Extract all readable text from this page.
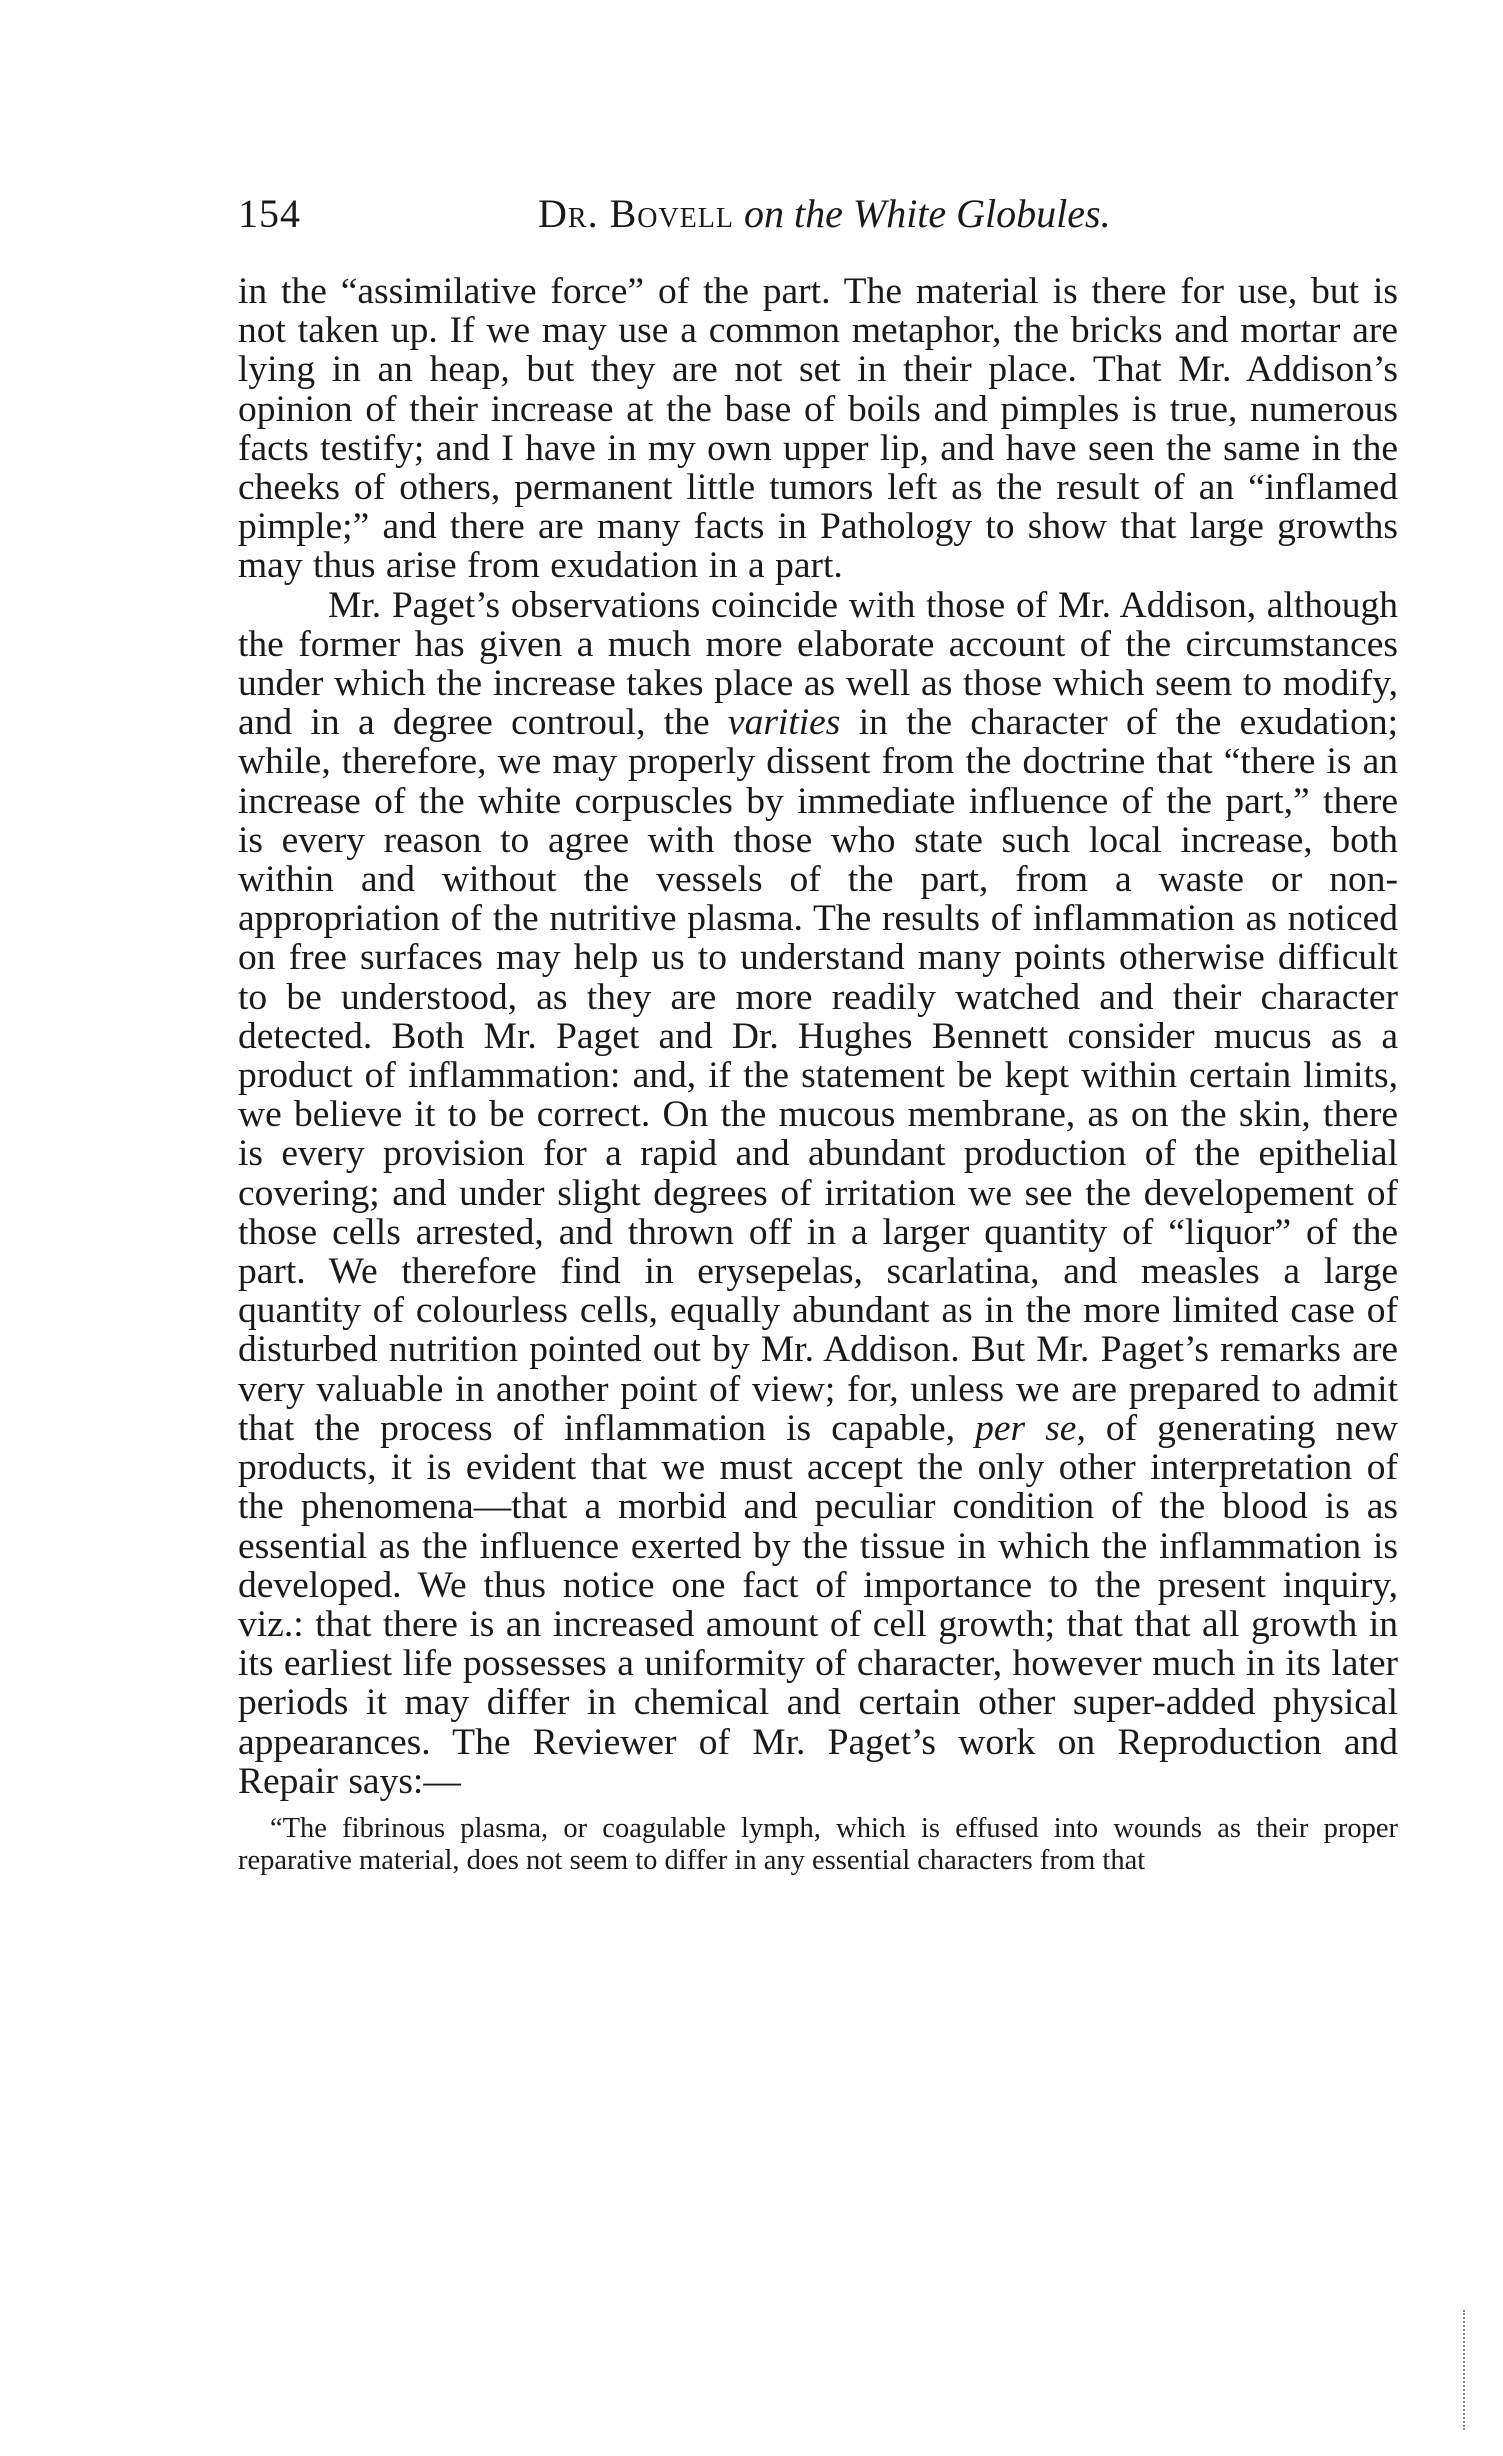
154	Dr. Bovell on the White Globules.

in the “assimilative force” of the part. The material is there for use, but is not taken up. If we may use a common metaphor, the bricks and mortar are lying in an heap, but they are not set in their place. That Mr. Addison’s opinion of their increase at the base of boils and pimples is true, numerous facts testify; and I have in my own upper lip, and have seen the same in the cheeks of others, permanent little tumors left as the result of an “inflamed pimple;” and there are many facts in Pathology to show that large growths may thus arise from exudation in a part.

Mr. Paget’s observations coincide with those of Mr. Addison, although the former has given a much more elaborate account of the circumstances under which the increase takes place as well as those which seem to modify, and in a degree controul, the varities in the character of the exudation; while, therefore, we may properly dissent from the doctrine that “there is an increase of the white corpuscles by immediate influence of the part,” there is every reason to agree with those who state such local increase, both within and without the vessels of the part, from a waste or non-appropriation of the nutritive plasma. The results of inflammation as noticed on free surfaces may help us to understand many points otherwise difficult to be understood, as they are more readily watched and their character detected. Both Mr. Paget and Dr. Hughes Bennett consider mucus as a product of inflammation: and, if the statement be kept within certain limits, we believe it to be correct. On the mucous membrane, as on the skin, there is every provision for a rapid and abundant production of the epithelial covering; and under slight degrees of irritation we see the developement of those cells arrested, and thrown off in a larger quantity of “liquor” of the part. We therefore find in erysepelas, scarlatina, and measles a large quantity of colourless cells, equally abundant as in the more limited case of disturbed nutrition pointed out by Mr. Addison. But Mr. Paget’s remarks are very valuable in another point of view; for, unless we are prepared to admit that the process of inflammation is capable, per se, of generating new products, it is evident that we must accept the only other interpretation of the phenomena—that a morbid and peculiar condition of the blood is as essential as the influence exerted by the tissue in which the inflammation is developed. We thus notice one fact of importance to the present inquiry, viz.: that there is an increased amount of cell growth; that that all growth in its earliest life possesses a uniformity of character, however much in its later periods it may differ in chemical and certain other super-added physical appearances. The Reviewer of Mr. Paget’s work on Reproduction and Repair says:—

“The fibrinous plasma, or coagulable lymph, which is effused into wounds as their proper reparative material, does not seem to differ in any essential characters from that
